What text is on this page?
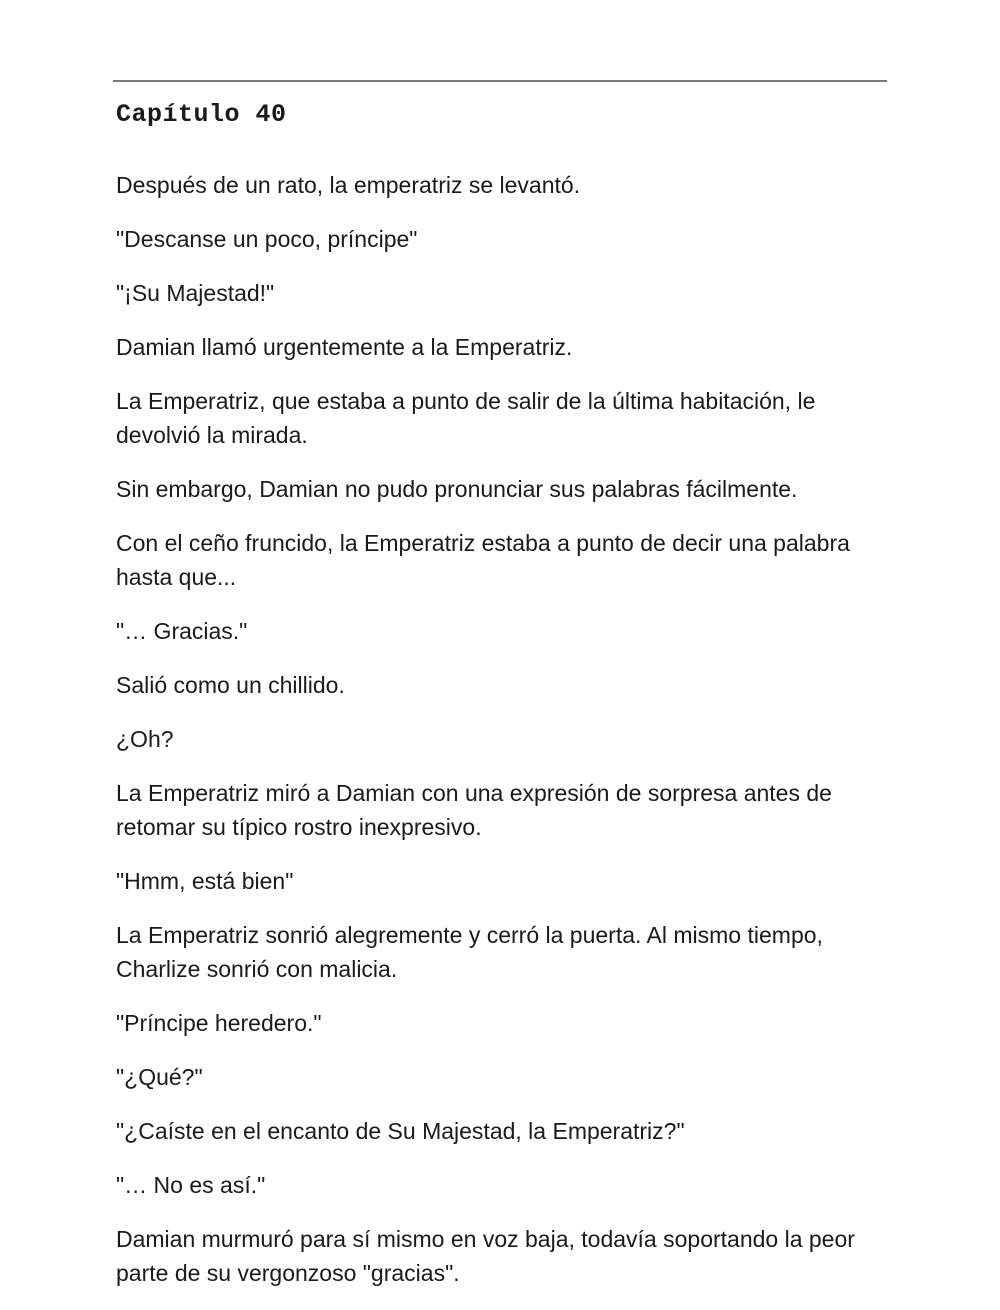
Capítulo 40

Después de un rato, la emperatriz se levantó.

"Descanse un poco, príncipe"

"¡Su Majestad!"

Damian llamó urgentemente a la Emperatriz.

La Emperatriz, que estaba a punto de salir de la última habitación, le devolvió la mirada.

Sin embargo, Damian no pudo pronunciar sus palabras fácilmente.

Con el ceño fruncido, la Emperatriz estaba a punto de decir una palabra hasta que...

"… Gracias."

Salió como un chillido.

¿Oh?

La Emperatriz miró a Damian con una expresión de sorpresa antes de retomar su típico rostro inexpresivo.

"Hmm, está bien"

La Emperatriz sonrió alegremente y cerró la puerta. Al mismo tiempo, Charlize sonrió con malicia.

"Príncipe heredero."

"¿Qué?"

"¿Caíste en el encanto de Su Majestad, la Emperatriz?"

"… No es así."

Damian murmuró para sí mismo en voz baja, todavía soportando la peor parte de su vergonzoso "gracias".
